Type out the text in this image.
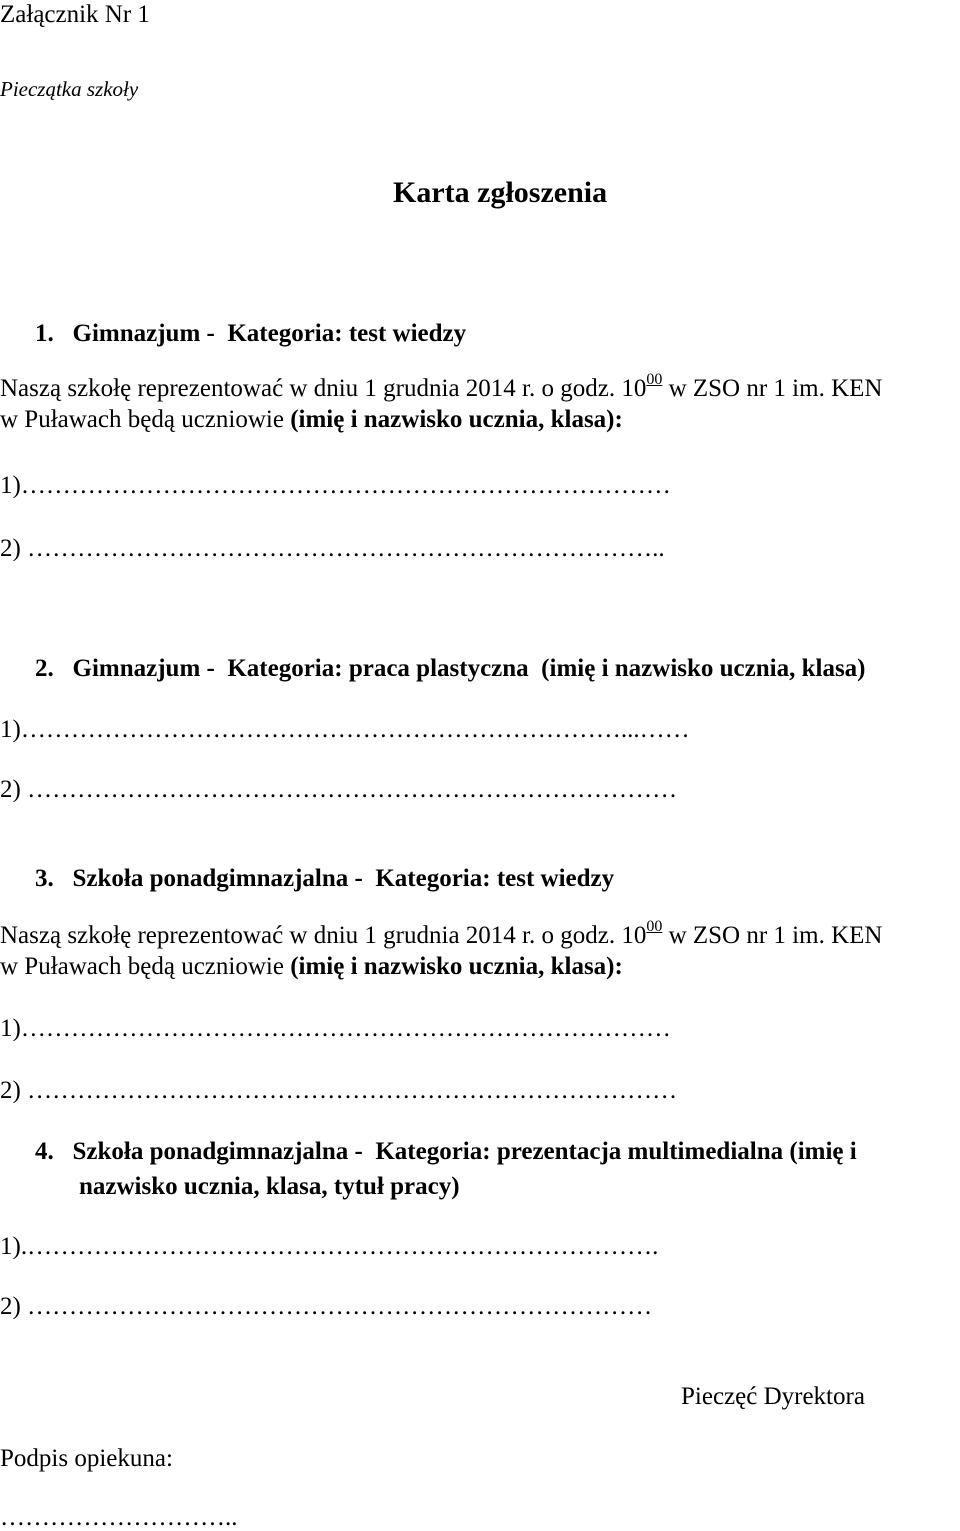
Załącznik Nr 1
Pieczątka szkoły
Karta zgłoszenia
1.   Gimnazjum -  Kategoria: test wiedzy
Naszą szkołę reprezentować w dniu 1 grudnia 2014 r. o godz. $10^{00}$ w ZSO nr 1 im. KEN
w Puławach będą uczniowie (imię i nazwisko ucznia, klasa):
1)……………………………………………………………………
2) …………………………………………………………………..
2.   Gimnazjum -  Kategoria: praca plastyczna  (imię i nazwisko ucznia, klasa)
1)………………………………………………………………...……
2) ……………………………………………………………………
3.   Szkoła ponadgimnazjalna -  Kategoria: test wiedzy
Naszą szkołę reprezentować w dniu 1 grudnia 2014 r. o godz. $10^{00}$ w ZSO nr 1 im. KEN
w Puławach będą uczniowie (imię i nazwisko ucznia, klasa):
1)……………………………………………………………………
2) ……………………………………………………………………
4.   Szkoła ponadgimnazjalna -  Kategoria: prezentacja multimedialna (imię i
nazwisko ucznia, klasa, tytuł pracy)
1).………………………………………………………………….
2) …………………………………………………………………
Pieczęć Dyrektora
Podpis opiekuna:
………………………..
